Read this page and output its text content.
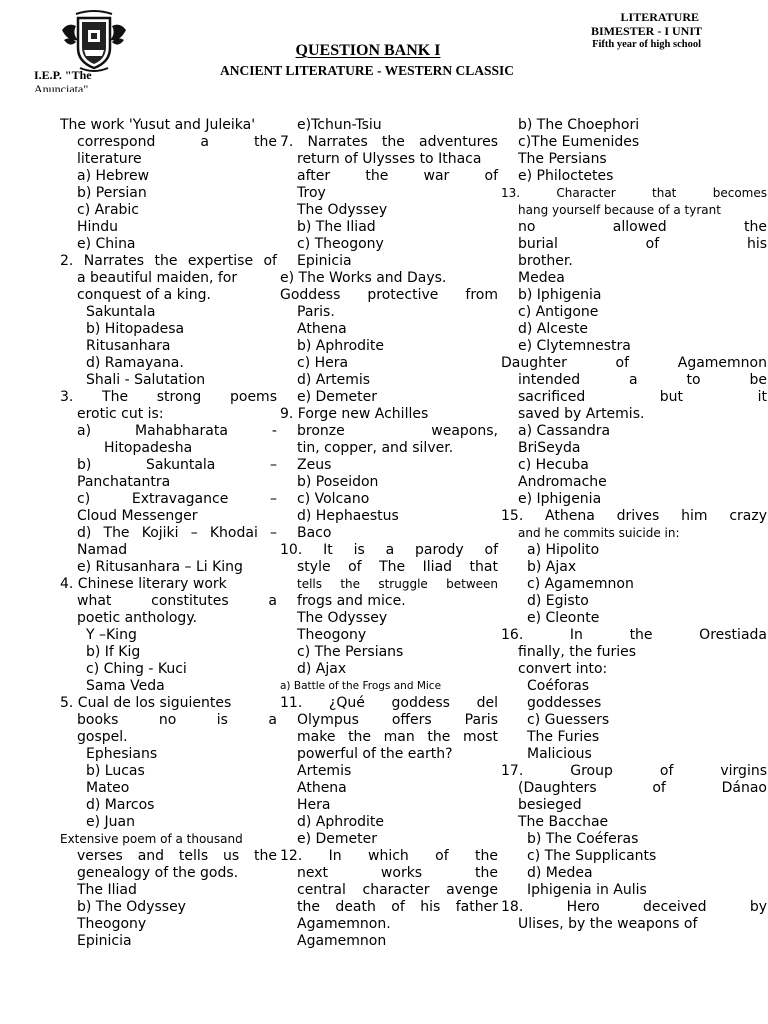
LITERATURE
BIMESTER - I UNIT
Fifth year of high school
QUESTION BANK I
ANCIENT LITERATURE - WESTERN CLASSIC
I.E.P. "The
Anunciata"
The work 'Yusut and Juleika'
correspond a the
literature
a) Hebrew
b) Persian
c) Arabic
Hindu
e) China
2. Narrates the expertise of
a beautiful maiden, for
conquest of a king.
Sakuntala
b) Hitopadesa
Ritusanhara
d) Ramayana.
Shali - Salutation
3. The strong poems
erotic cut is:
a) Mahabharata -
Hitopadesha
b) Sakuntala –
Panchatantra
c) Extravagance –
Cloud Messenger
d) The Kojiki – Khodai –
Namad
e) Ritusanhara – Li King
4. Chinese literary work
what constitutes a
poetic anthology.
Y –King
b) If Kig
c) Ching - Kuci
Sama Veda
5. Cual de los siguientes
books no is a
gospel.
Ephesians
b) Lucas
Mateo
d) Marcos
e) Juan
Extensive poem of a thousand
verses and tells us the
genealogy of the gods.
The Iliad
b) The Odyssey
Theogony
Epinicia
e)Tchun-Tsiu
7. Narrates the adventures
return of Ulysses to Ithaca
after the war of
Troy
The Odyssey
b) The Iliad
c) Theogony
Epinicia
e) The Works and Days.
Goddess protective from
Paris.
Athena
b) Aphrodite
c) Hera
d) Artemis
e) Demeter
9. Forge new Achilles
bronze weapons,
tin, copper, and silver.
Zeus
b) Poseidon
c) Volcano
d) Hephaestus
Baco
10. It is a parody of
style of The Iliad that
tells the struggle between
frogs and mice.
The Odyssey
Theogony
c) The Persians
d) Ajax
a) Battle of the Frogs and Mice
11. ¿Qué goddess del
Olympus offers Paris
make the man the most
powerful of the earth?
Artemis
Athena
Hera
d) Aphrodite
e) Demeter
12. In which of the
next works the
central character avenge
the death of his father
Agamemnon.
Agamemnon
b) The Choephori
c)The Eumenides
The Persians
e) Philoctetes
13. Character that becomes
hang yourself because of a tyrant
no allowed the
burial of his
brother.
Medea
b) Iphigenia
c) Antigone
d) Alceste
e) Clytemnestra
Daughter of Agamemnon
intended a to be
sacrificed but it
saved by Artemis.
a) Cassandra
BriSeyda
c) Hecuba
Andromache
e) Iphigenia
15. Athena drives him crazy
and he commits suicide in:
a) Hipolito
b) Ajax
c) Agamemnon
d) Egisto
e) Cleonte
16. In the Orestiada
finally, the furies
convert into:
Coéforas
goddesses
c) Guessers
The Furies
Malicious
17. Group of virgins
(Daughters of Dánao
besieged
The Bacchae
b) The Coéferas
c) The Supplicants
d) Medea
Iphigenia in Aulis
18. Hero deceived by
Ulises, by the weapons of
